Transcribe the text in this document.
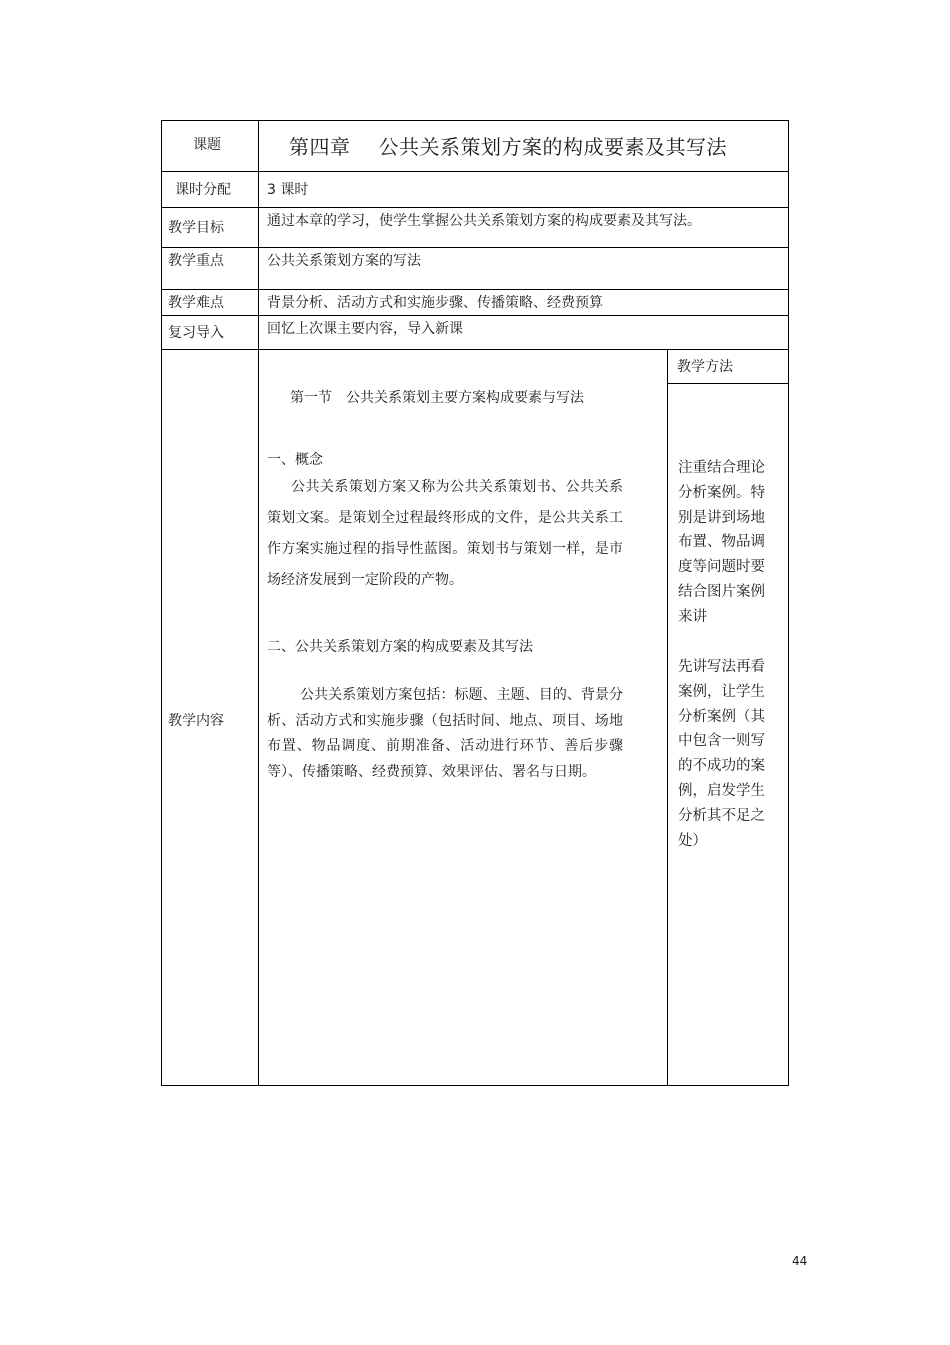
课题
课时分配
教学目标
教学重点
教学难点
复习导入
教学内容
第四章 公共关系策划方案的构成要素及其写法
3 课时
通过本章的学习，使学生掌握公共关系策划方案的构成要素及其写法。
公共关系策划方案的写法
背景分析、活动方式和实施步骤、传播策略、经费预算
回忆上次课主要内容，导入新课
第一节　公共关系策划主要方案构成要素与写法
一、概念
公共关系策划方案又称为公共关系策划书、公共关系策划文案。是策划全过程最终形成的文件，是公共关系工作方案实施过程的指导性蓝图。策划书与策划一样，是市场经济发展到一定阶段的产物。
二、公共关系策划方案的构成要素及其写法
公共关系策划方案包括：标题、主题、目的、背景分析、活动方式和实施步骤（包括时间、地点、项目、场地布置、物品调度、前期准备、活动进行环节、善后步骤等）、传播策略、经费预算、效果评估、署名与日期。
教学方法
注重结合理论分析案例。特别是讲到场地布置、物品调度等问题时要结合图片案例来讲
先讲写法再看案例，让学生分析案例（其中包含一则写的不成功的案例，启发学生分析其不足之处）
44
